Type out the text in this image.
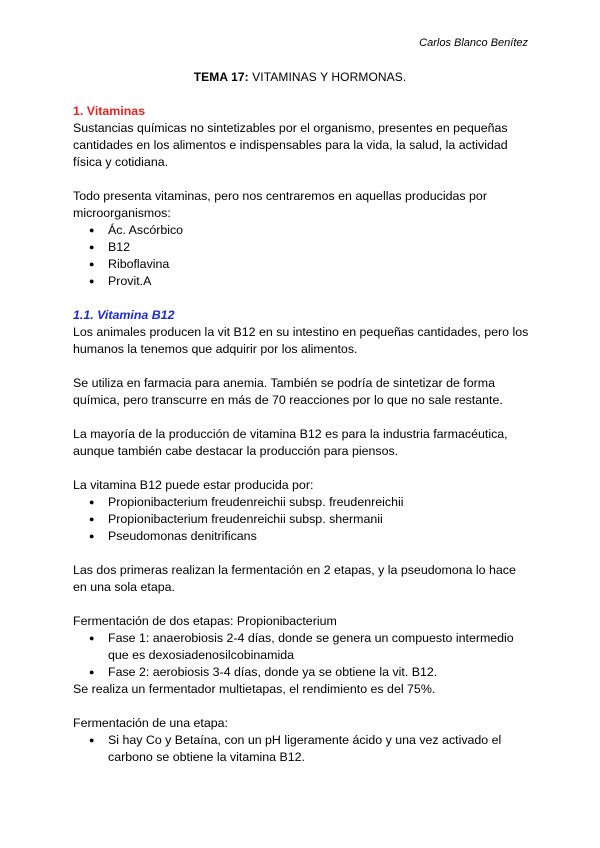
Carlos Blanco Benítez
TEMA 17: VITAMINAS Y HORMONAS.

1. Vitaminas

Sustancias químicas no sintetizables por el organismo, presentes en pequeñas cantidades en los alimentos e indispensables para la vida, la salud, la actividad física y cotidiana.

Todo presenta vitaminas, pero nos centraremos en aquellas producidas por microorganismos:

● Ác. Ascórbico
● B12
● Riboflavina
● Provit.A

1.1. Vitamina B12

Los animales producen la vit B12 en su intestino en pequeñas cantidades, pero los humanos la tenemos que adquirir por los alimentos.

Se utiliza en farmacia para anemia. También se podría de sintetizar de forma química, pero transcurre en más de 70 reacciones por lo que no sale restante.

La mayoría de la producción de vitamina B12 es para la industria farmacéutica, aunque también cabe destacar la producción para piensos.

La vitamina B12 puede estar producida por:

● Propionibacterium freudenreichii subsp. freudenreichii
● Propionibacterium freudenreichii subsp. shermanii
● Pseudomonas denitrificans

Las dos primeras realizan la fermentación en 2 etapas, y la pseudomona lo hace en una sola etapa.

Fermentación de dos etapas: Propionibacterium

● Fase 1: anaerobiosis 2-4 días, donde se genera un compuesto intermedio que es dexosiadenosilcobinamida
● Fase 2: aerobiosis 3-4 días, donde ya se obtiene la vit. B12.

Se realiza un fermentador multietapas, el rendimiento es del 75%.

Fermentación de una etapa:

● Si hay Co y Betaína, con un pH ligeramente ácido y una vez activado el carbono se obtiene la vitamina B12.
